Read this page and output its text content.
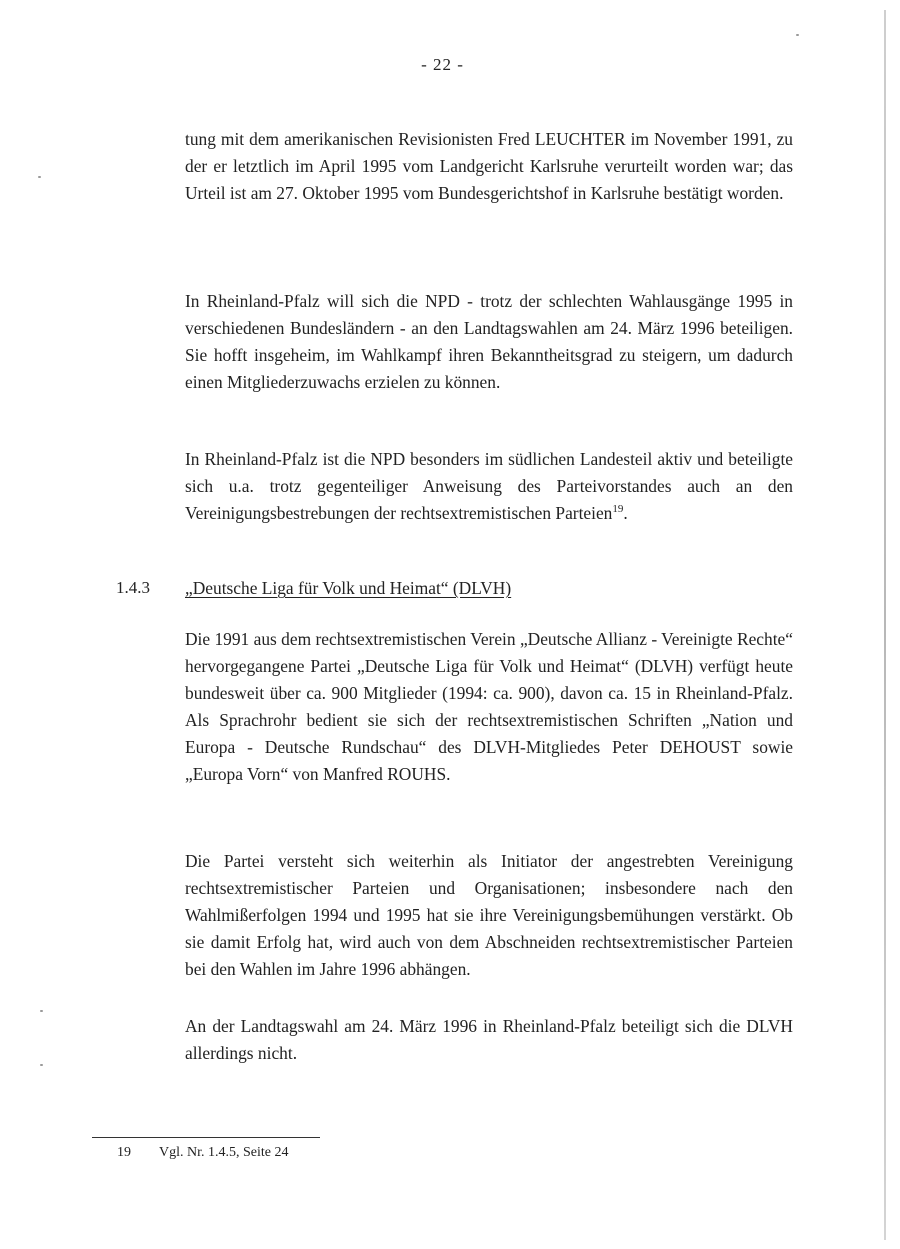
- 22 -

tung mit dem amerikanischen Revisionisten Fred LEUCHTER im November 1991, zu der er letztlich im April 1995 vom Landgericht Karlsruhe verurteilt worden war; das Urteil ist am 27. Oktober 1995 vom Bundesgerichtshof in Karlsruhe bestätigt worden.

In Rheinland-Pfalz will sich die NPD - trotz der schlechten Wahlausgänge 1995 in verschiedenen Bundesländern - an den Landtagswahlen am 24. März 1996 beteiligen. Sie hofft insgeheim, im Wahlkampf ihren Bekanntheitsgrad zu steigern, um dadurch einen Mitgliederzuwachs erzielen zu können.

In Rheinland-Pfalz ist die NPD besonders im südlichen Landesteil aktiv und beteiligte sich u.a. trotz gegenteiliger Anweisung des Parteivorstandes auch an den Vereinigungsbestrebungen der rechtsextremistischen Parteien$^{19}$.

1.4.3 „Deutsche Liga für Volk und Heimat“ (DLVH)

Die 1991 aus dem rechtsextremistischen Verein „Deutsche Allianz - Vereinigte Rechte“ hervorgegangene Partei „Deutsche Liga für Volk und Heimat“ (DLVH) verfügt heute bundesweit über ca. 900 Mitglieder (1994: ca. 900), davon ca. 15 in Rheinland-Pfalz. Als Sprachrohr bedient sie sich der rechtsextremistischen Schriften „Nation und Europa - Deutsche Rundschau“ des DLVH-Mitgliedes Peter DEHOUST sowie „Europa Vorn“ von Manfred ROUHS.

Die Partei versteht sich weiterhin als Initiator der angestrebten Vereinigung rechtsextremistischer Parteien und Organisationen; insbesondere nach den Wahlmißerfolgen 1994 und 1995 hat sie ihre Vereinigungsbemühungen verstärkt. Ob sie damit Erfolg hat, wird auch von dem Abschneiden rechtsextremistischer Parteien bei den Wahlen im Jahre 1996 abhängen.

An der Landtagswahl am 24. März 1996 in Rheinland-Pfalz beteiligt sich die DLVH allerdings nicht.

19 Vgl. Nr. 1.4.5, Seite 24
